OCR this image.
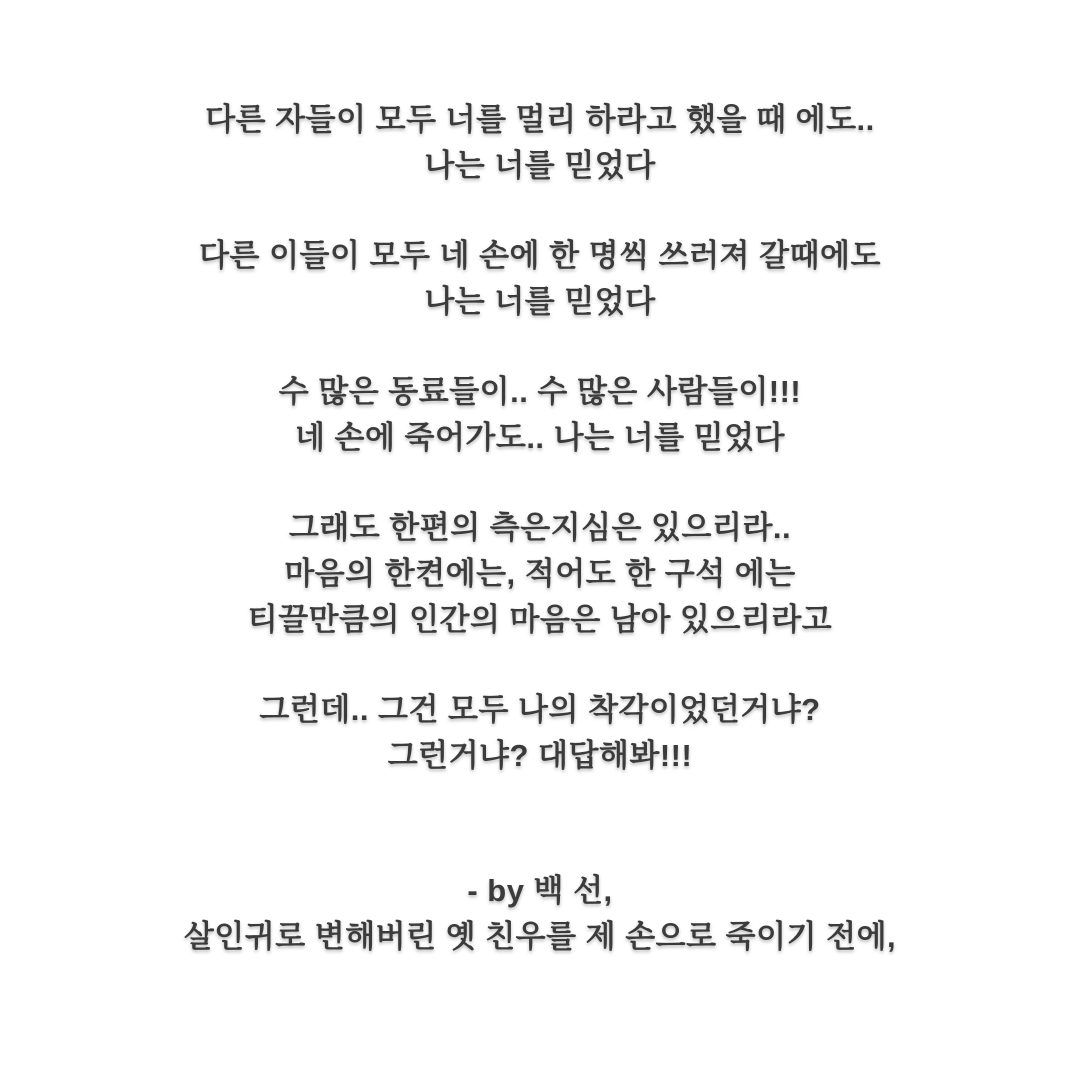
다른 자들이 모두 너를 멀리 하라고 했을 때 에도..
나는 너를 믿었다
다른 이들이 모두 네 손에 한 명씩 쓰러져 갈때에도
나는 너를 믿었다
수 많은 동료들이.. 수 많은 사람들이!!!
네 손에 죽어가도.. 나는 너를 믿었다
그래도 한편의 측은지심은 있으리라..
마음의 한켠에는, 적어도 한 구석 에는
티끌만큼의 인간의 마음은 남아 있으리라고
그런데.. 그건 모두 나의 착각이었던거냐?
그런거냐? 대답해봐!!!
- by 백 선,
살인귀로 변해버린 옛 친우를 제 손으로 죽이기 전에,
